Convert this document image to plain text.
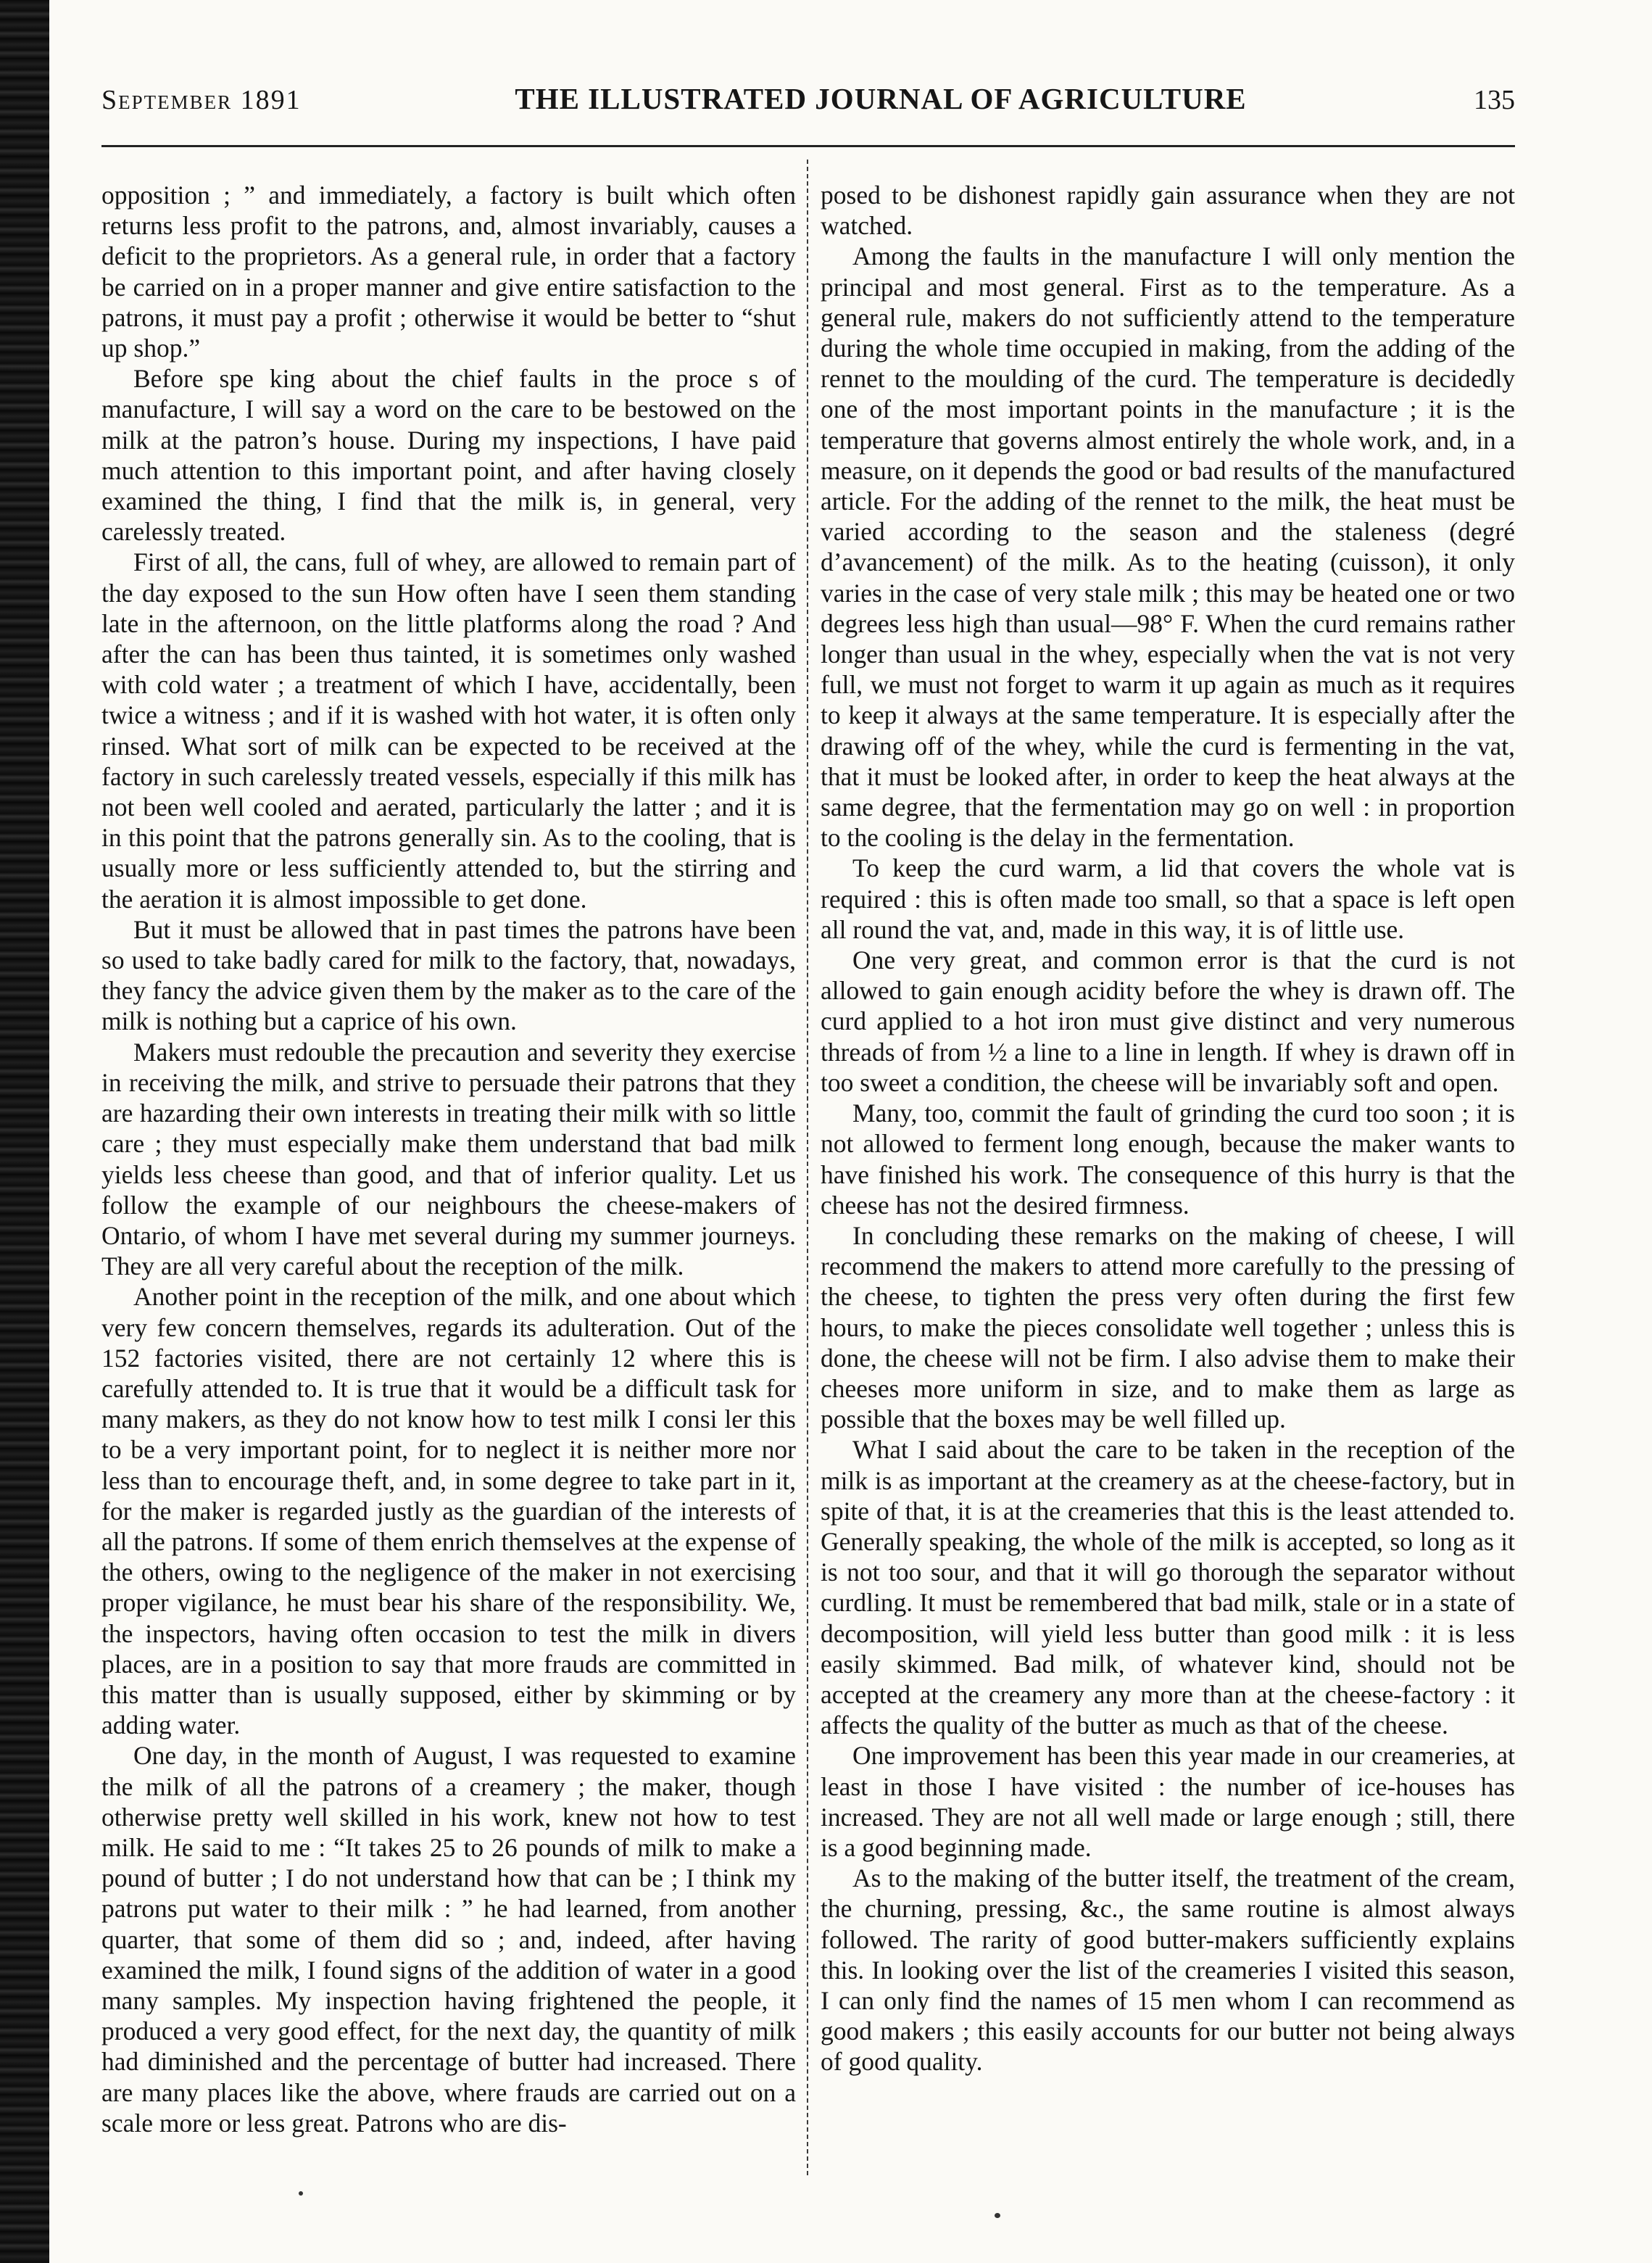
September 1891	THE ILLUSTRATED JOURNAL OF AGRICULTURE	135

opposition ; ” and immediately, a factory is built which often returns less profit to the patrons, and, almost invariably, causes a deficit to the proprietors. As a general rule, in order that a factory be carried on in a proper manner and give entire satisfaction to the patrons, it must pay a profit ; otherwise it would be better to “shut up shop.”

Before spe king about the chief faults in the proce s of manufacture, I will say a word on the care to be bestowed on the milk at the patron’s house. During my inspections, I have paid much attention to this important point, and after having closely examined the thing, I find that the milk is, in general, very carelessly treated.

First of all, the cans, full of whey, are allowed to remain part of the day exposed to the sun How often have I seen them standing late in the afternoon, on the little platforms along the road ? And after the can has been thus tainted, it is sometimes only washed with cold water ; a treatment of which I have, accidentally, been twice a witness ; and if it is washed with hot water, it is often only rinsed. What sort of milk can be expected to be received at the factory in such carelessly treated vessels, especially if this milk has not been well cooled and aerated, particularly the latter ; and it is in this point that the patrons generally sin. As to the cooling, that is usually more or less sufficiently attended to, but the stirring and the aeration it is almost impossible to get done.

But it must be allowed that in past times the patrons have been so used to take badly cared for milk to the factory, that, nowadays, they fancy the advice given them by the maker as to the care of the milk is nothing but a caprice of his own.

Makers must redouble the precaution and severity they exercise in receiving the milk, and strive to persuade their patrons that they are hazarding their own interests in treating their milk with so little care ; they must especially make them understand that bad milk yields less cheese than good, and that of inferior quality. Let us follow the example of our neighbours the cheese-makers of Ontario, of whom I have met several during my summer journeys. They are all very careful about the reception of the milk.

Another point in the reception of the milk, and one about which very few concern themselves, regards its adulteration. Out of the 152 factories visited, there are not certainly 12 where this is carefully attended to. It is true that it would be a difficult task for many makers, as they do not know how to test milk I consi ler this to be a very important point, for to neglect it is neither more nor less than to encourage theft, and, in some degree to take part in it, for the maker is regarded justly as the guardian of the interests of all the patrons. If some of them enrich themselves at the expense of the others, owing to the negligence of the maker in not exercising proper vigilance, he must bear his share of the responsibility. We, the inspectors, having often occasion to test the milk in divers places, are in a position to say that more frauds are committed in this matter than is usually supposed, either by skimming or by adding water.

One day, in the month of August, I was requested to examine the milk of all the patrons of a creamery ; the maker, though otherwise pretty well skilled in his work, knew not how to test milk. He said to me : “It takes 25 to 26 pounds of milk to make a pound of butter ; I do not understand how that can be ; I think my patrons put water to their milk : ” he had learned, from another quarter, that some of them did so ; and, indeed, after having examined the milk, I found signs of the addition of water in a good many samples. My inspection having frightened the people, it produced a very good effect, for the next day, the quantity of milk had diminished and the percentage of butter had increased. There are many places like the above, where frauds are carried out on a scale more or less great. Patrons who are dis-

posed to be dishonest rapidly gain assurance when they are not watched.

Among the faults in the manufacture I will only mention the principal and most general. First as to the temperature. As a general rule, makers do not sufficiently attend to the temperature during the whole time occupied in making, from the adding of the rennet to the moulding of the curd. The temperature is decidedly one of the most important points in the manufacture ; it is the temperature that governs almost entirely the whole work, and, in a measure, on it depends the good or bad results of the manufactured article. For the adding of the rennet to the milk, the heat must be varied according to the season and the staleness (degré d’avancement) of the milk. As to the heating (cuisson), it only varies in the case of very stale milk ; this may be heated one or two degrees less high than usual—98° F. When the curd remains rather longer than usual in the whey, especially when the vat is not very full, we must not forget to warm it up again as much as it requires to keep it always at the same temperature. It is especially after the drawing off of the whey, while the curd is fermenting in the vat, that it must be looked after, in order to keep the heat always at the same degree, that the fermentation may go on well : in proportion to the cooling is the delay in the fermentation.

To keep the curd warm, a lid that covers the whole vat is required : this is often made too small, so that a space is left open all round the vat, and, made in this way, it is of little use.

One very great, and common error is that the curd is not allowed to gain enough acidity before the whey is drawn off. The curd applied to a hot iron must give distinct and very numerous threads of from ½ a line to a line in length. If whey is drawn off in too sweet a condition, the cheese will be invariably soft and open.

Many, too, commit the fault of grinding the curd too soon ; it is not allowed to ferment long enough, because the maker wants to have finished his work. The consequence of this hurry is that the cheese has not the desired firmness.

In concluding these remarks on the making of cheese, I will recommend the makers to attend more carefully to the pressing of the cheese, to tighten the press very often during the first few hours, to make the pieces consolidate well together ; unless this is done, the cheese will not be firm. I also advise them to make their cheeses more uniform in size, and to make them as large as possible that the boxes may be well filled up.

What I said about the care to be taken in the reception of the milk is as important at the creamery as at the cheese-factory, but in spite of that, it is at the creameries that this is the least attended to. Generally speaking, the whole of the milk is accepted, so long as it is not too sour, and that it will go thorough the separator without curdling. It must be remembered that bad milk, stale or in a state of decomposition, will yield less butter than good milk : it is less easily skimmed. Bad milk, of whatever kind, should not be accepted at the creamery any more than at the cheese-factory : it affects the quality of the butter as much as that of the cheese.

One improvement has been this year made in our creameries, at least in those I have visited : the number of ice-houses has increased. They are not all well made or large enough ; still, there is a good beginning made.

As to the making of the butter itself, the treatment of the cream, the churning, pressing, &c., the same routine is almost always followed. The rarity of good butter-makers sufficiently explains this. In looking over the list of the creameries I visited this season, I can only find the names of 15 men whom I can recommend as good makers ; this easily accounts for our butter not being always of good quality.
